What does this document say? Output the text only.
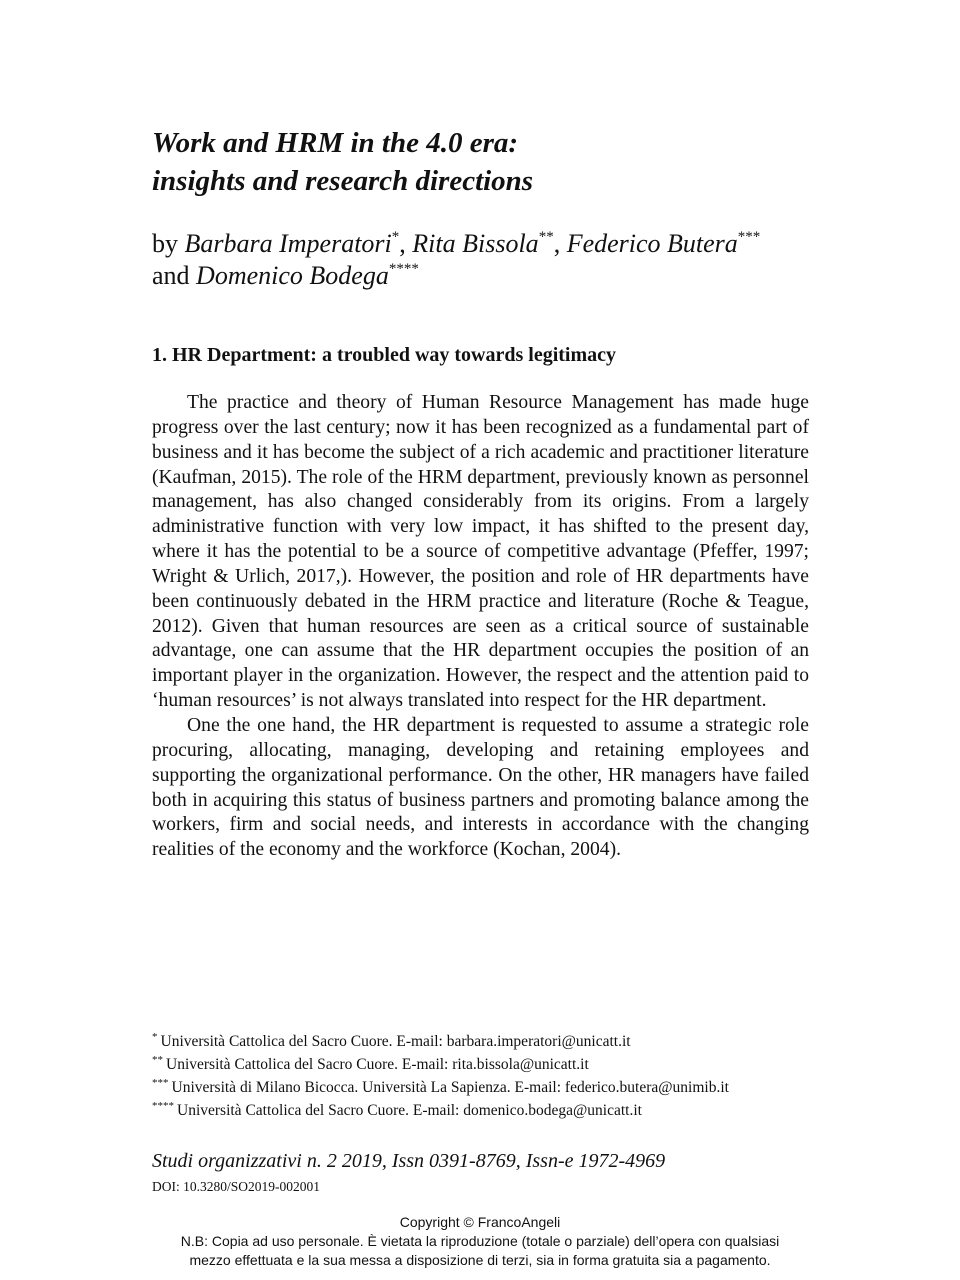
Work and HRM in the 4.0 era:
insights and research directions
by Barbara Imperatori*, Rita Bissola**, Federico Butera***
and Domenico Bodega****
1. HR Department: a troubled way towards legitimacy

The practice and theory of Human Resource Management has made huge progress over the last century; now it has been recognized as a fundamental part of business and it has become the subject of a rich academic and practitioner literature (Kaufman, 2015). The role of the HRM department, previously known as personnel management, has also changed considerably from its origins. From a largely administrative function with very low impact, it has shifted to the present day, where it has the potential to be a source of competitive advantage (Pfeffer, 1997; Wright & Urlich, 2017,). However, the position and role of HR departments have been continuously debated in the HRM practice and literature (Roche & Teague, 2012). Given that human resources are seen as a critical source of sustainable advantage, one can assume that the HR department occupies the position of an important player in the organization. However, the respect and the attention paid to ‘human resources’ is not always translated into respect for the HR department.

One the one hand, the HR department is requested to assume a strategic role procuring, allocating, managing, developing and retaining employees and supporting the organizational performance. On the other, HR managers have failed both in acquiring this status of business partners and promoting balance among the workers, firm and social needs, and interests in accordance with the changing realities of the economy and the workforce (Kochan, 2004).

* Università Cattolica del Sacro Cuore. E-mail: barbara.imperatori@unicatt.it
** Università Cattolica del Sacro Cuore. E-mail: rita.bissola@unicatt.it
*** Università di Milano Bicocca. Università La Sapienza. E-mail: federico.butera@unimib.it
**** Università Cattolica del Sacro Cuore. E-mail: domenico.bodega@unicatt.it
Studi organizzativi n. 2 2019, Issn 0391-8769, Issn-e 1972-4969
DOI: 10.3280/SO2019-002001
Copyright © FrancoAngeli
N.B: Copia ad uso personale. È vietata la riproduzione (totale o parziale) dell’opera con qualsiasi
mezzo effettuata e la sua messa a disposizione di terzi, sia in forma gratuita sia a pagamento.
